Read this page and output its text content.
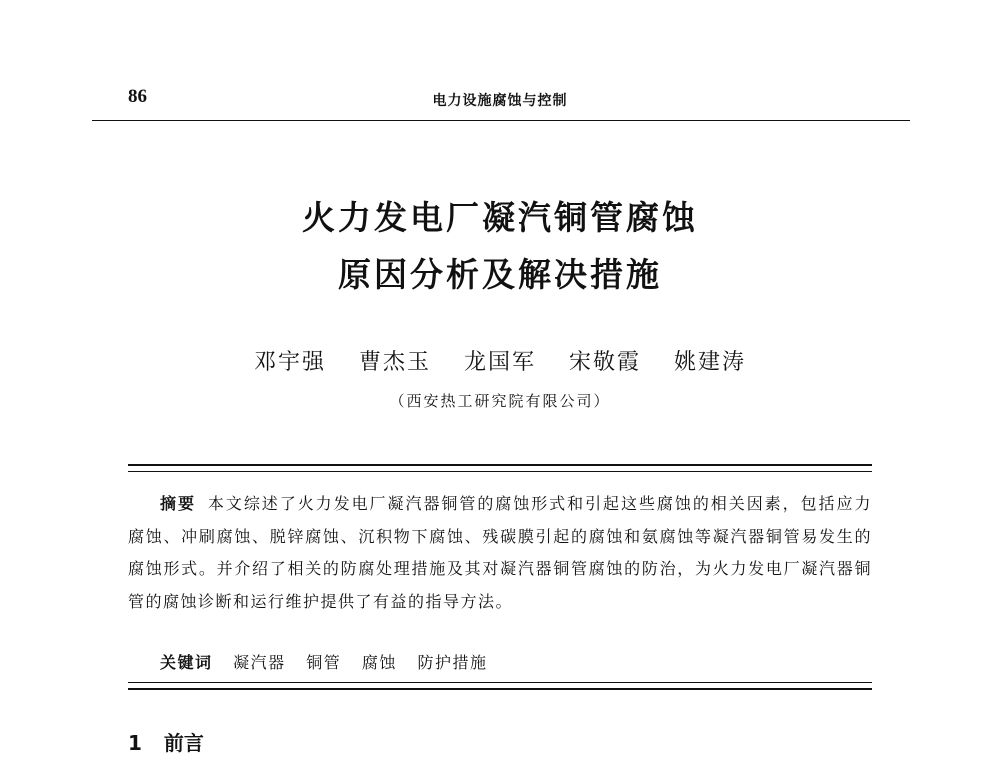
86	电力设施腐蚀与控制
火力发电厂凝汽铜管腐蚀
原因分析及解决措施
邓宇强 曹杰玉 龙国军 宋敬霞 姚建涛
（西安热工研究院有限公司）
摘要 本文综述了火力发电厂凝汽器铜管的腐蚀形式和引起这些腐蚀的相关因素，包括应力腐蚀、冲刷腐蚀、脱锌腐蚀、沉积物下腐蚀、残碳膜引起的腐蚀和氨腐蚀等凝汽器铜管易发生的腐蚀形式。并介绍了相关的防腐处理措施及其对凝汽器铜管腐蚀的防治，为火力发电厂凝汽器铜管的腐蚀诊断和运行维护提供了有益的指导方法。
关键词 凝汽器 铜管 腐蚀 防护措施
1 前言
